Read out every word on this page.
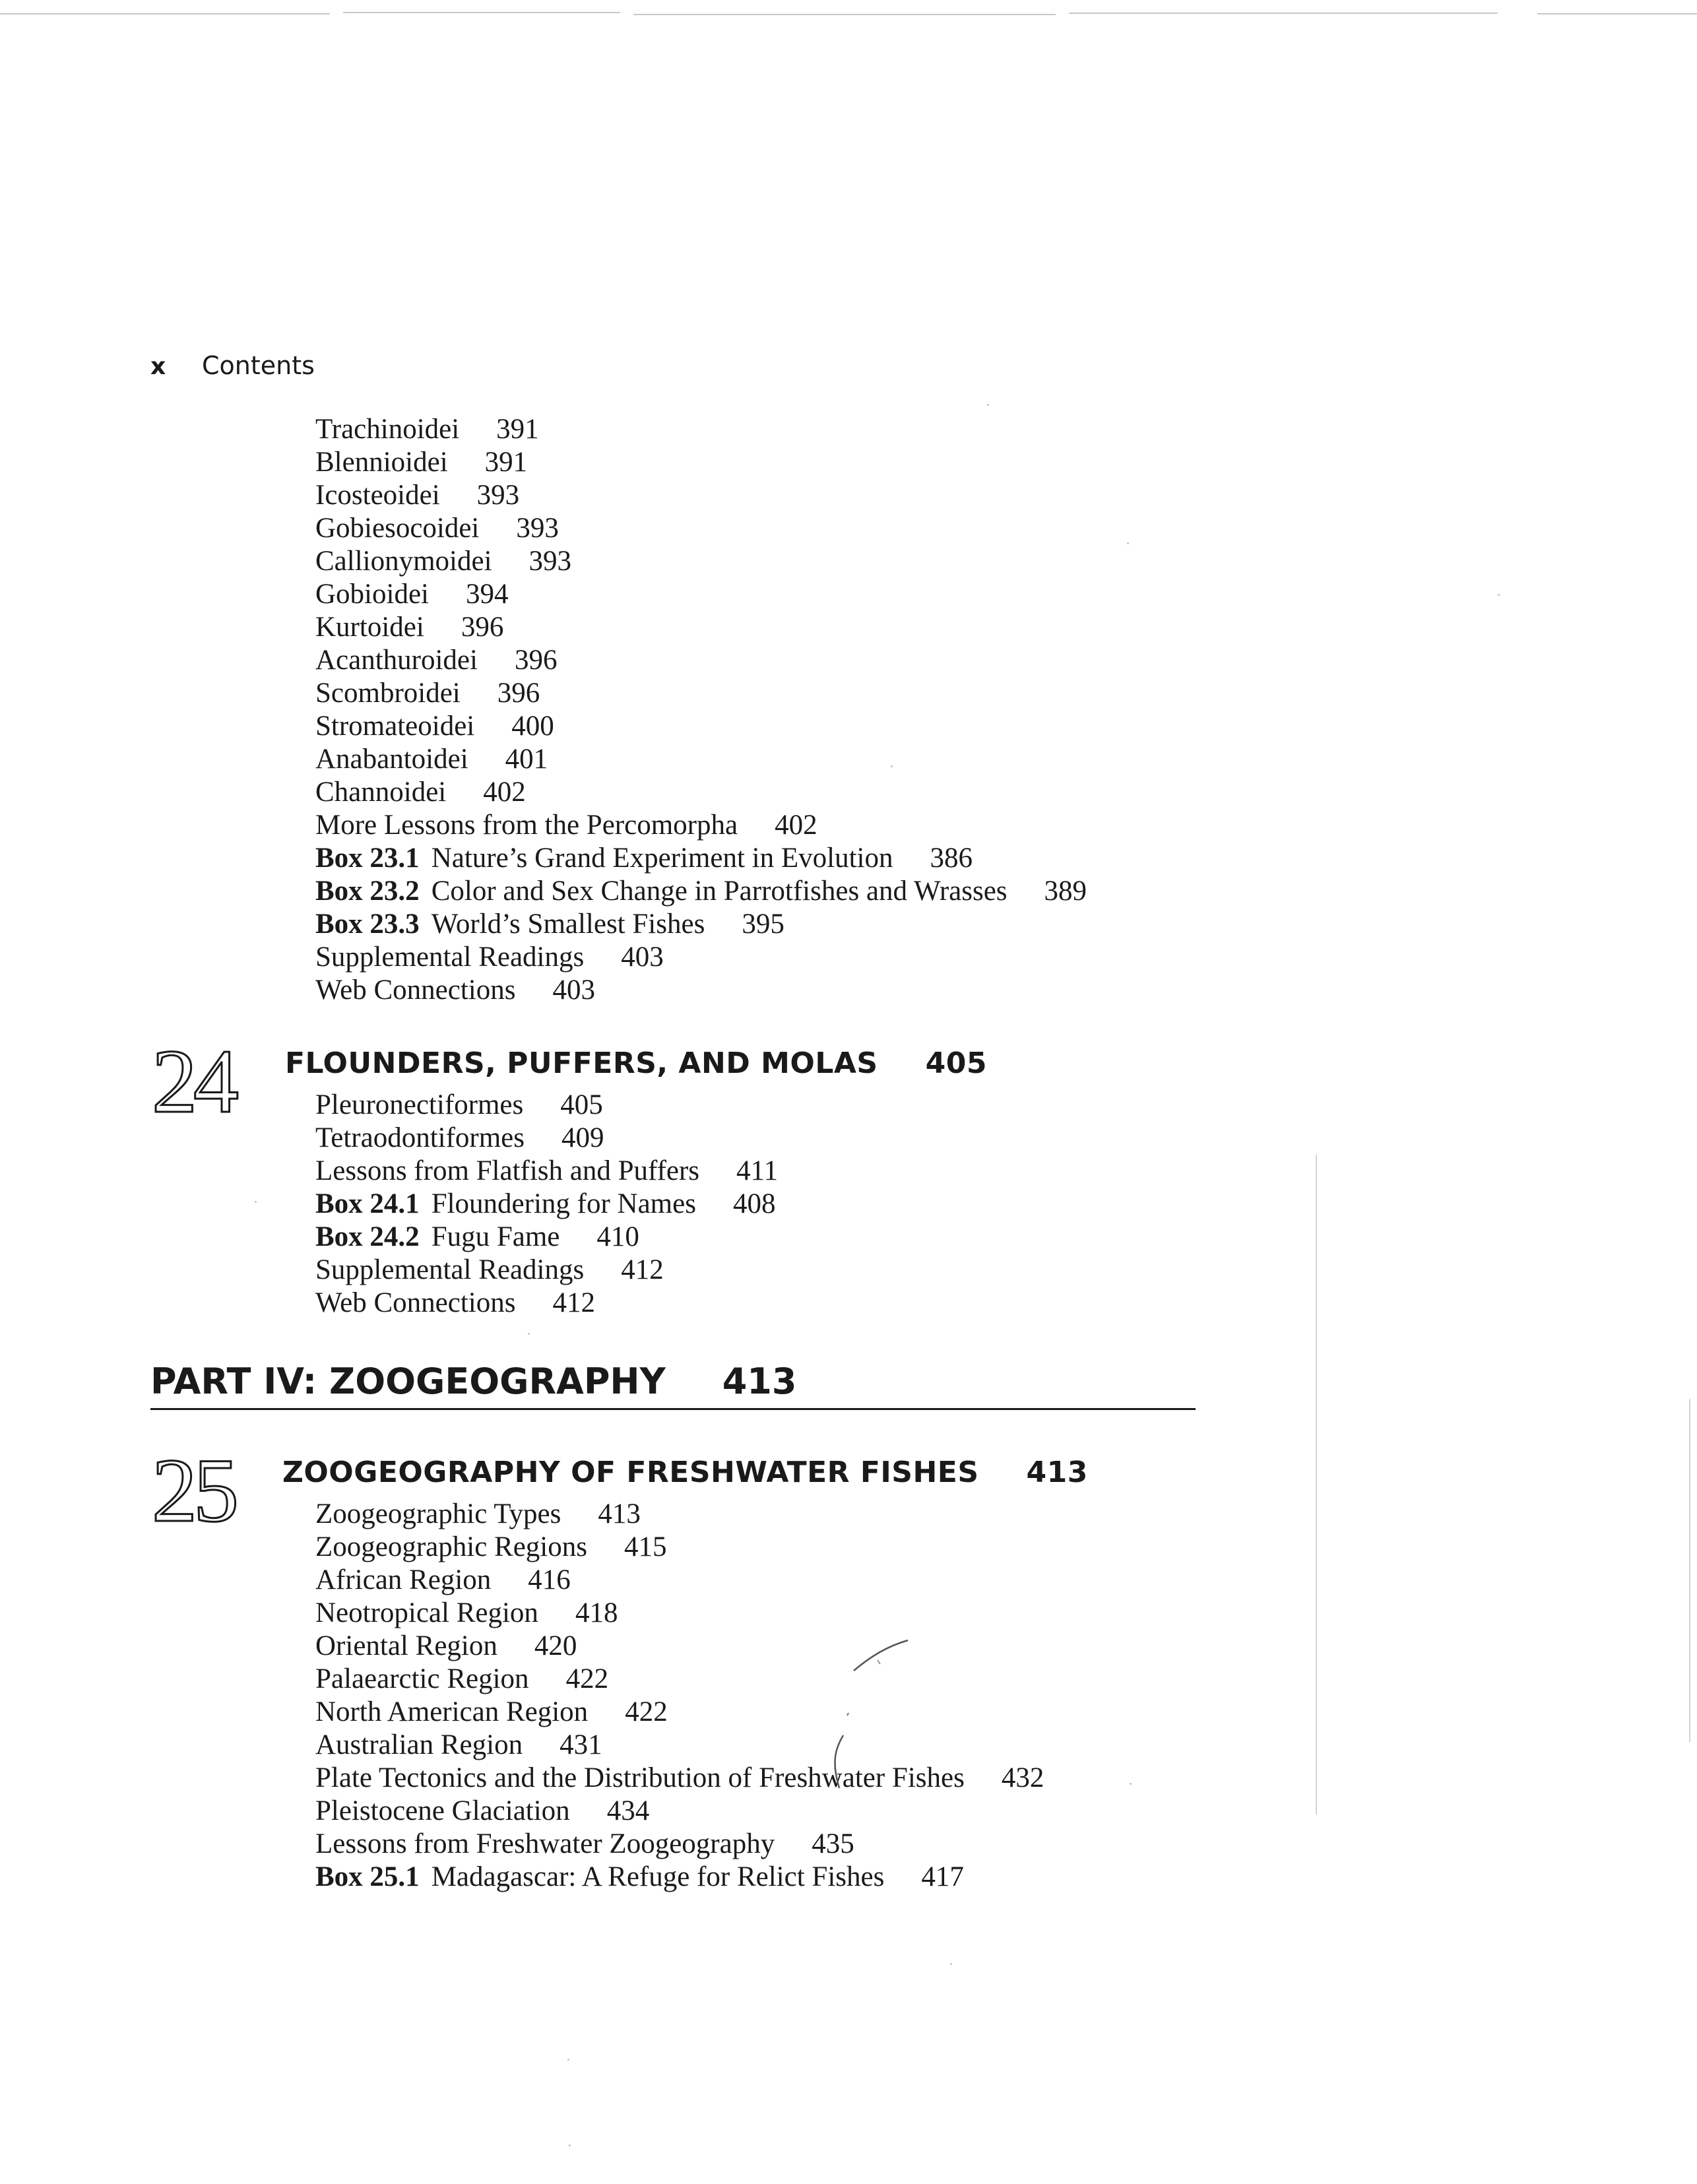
x Contents
Trachinoidei 391
Blennioidei 391
Icosteoidei 393
Gobiesocoidei 393
Callionymoidei 393
Gobioidei 394
Kurtoidei 396
Acanthuroidei 396
Scombroidei 396
Stromateoidei 400
Anabantoidei 401
Channoidei 402
More Lessons from the Percomorpha 402
Box 23.1 Nature’s Grand Experiment in Evolution 386
Box 23.2 Color and Sex Change in Parrotfishes and Wrasses 389
Box 23.3 World’s Smallest Fishes 395
Supplemental Readings 403
Web Connections 403
24 FLOUNDERS, PUFFERS, AND MOLAS 405
Pleuronectiformes 405
Tetraodontiformes 409
Lessons from Flatfish and Puffers 411
Box 24.1 Floundering for Names 408
Box 24.2 Fugu Fame 410
Supplemental Readings 412
Web Connections 412
PART IV: ZOOGEOGRAPHY 413
25 ZOOGEOGRAPHY OF FRESHWATER FISHES 413
Zoogeographic Types 413
Zoogeographic Regions 415
African Region 416
Neotropical Region 418
Oriental Region 420
Palaearctic Region 422
North American Region 422
Australian Region 431
Plate Tectonics and the Distribution of Freshwater Fishes 432
Pleistocene Glaciation 434
Lessons from Freshwater Zoogeography 435
Box 25.1 Madagascar: A Refuge for Relict Fishes 417
